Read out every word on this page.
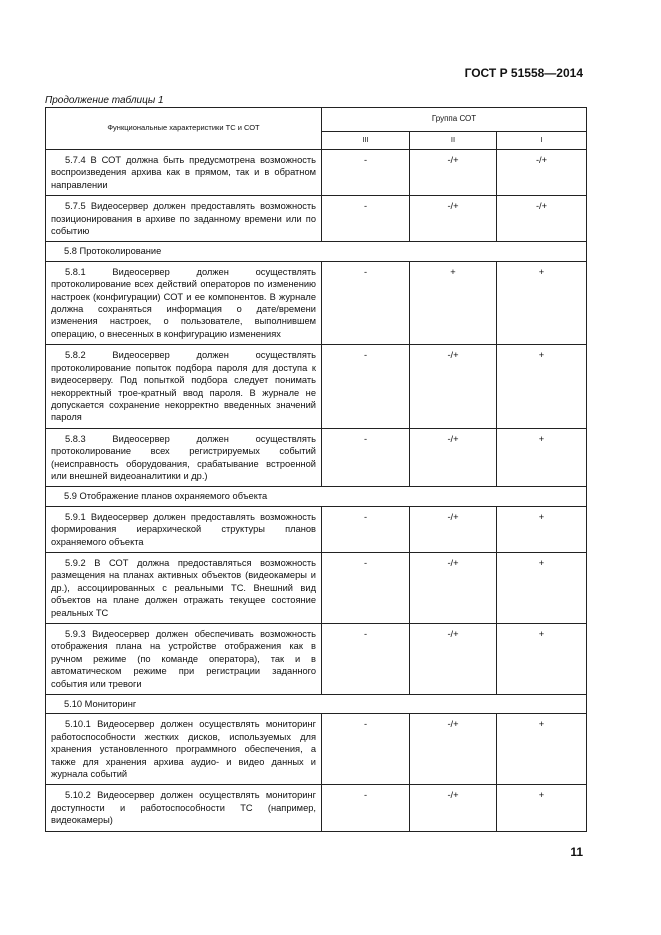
ГОСТ Р 51558—2014
Продолжение таблицы 1
Функциональные характеристики ТС и СОТ	Группа СОТ		
	III	II	I

5.7.4 В СОТ должна быть предусмотрена возможность воспроизведения архива как в прямом, так и в обратном направлении	-	-/+	-/+

5.7.5 Видеосервер должен предоставлять возможность позиционирования в архиве по заданному времени или по событию	-	-/+	-/+
5.8 Протоколирование			

5.8.1 Видеосервер должен осуществлять протоколирование всех действий операторов по изменению настроек (конфигурации) СОТ и ее компонентов. В журнале должна сохраняться информация о дате/времени изменения настроек, о пользователе, выполнившем операцию, о внесенных в конфигурацию изменениях	-	+	+

5.8.2 Видеосервер должен осуществлять протоколирование попыток подбора пароля для доступа к видеосерверу. Под попыткой подбора следует понимать некорректный трое-кратный ввод пароля. В журнале не допускается сохранение некорректно введенных значений пароля	-	-/+	+

5.8.3 Видеосервер должен осуществлять протоколирование всех регистрируемых событий (неисправность оборудования, срабатывание встроенной или внешней видеоаналитики и др.)	-	-/+	+
5.9 Отображение планов охраняемого объекта			

5.9.1 Видеосервер должен предоставлять возможность формирования иерархической структуры планов охраняемого объекта	-	-/+	+

5.9.2 В СОТ должна предоставляться возможность размещения на планах активных объектов (видеокамеры и др.), ассоциированных с реальными ТС. Внешний вид объектов на плане должен отражать текущее состояние реальных ТС	-	-/+	+

5.9.3 Видеосервер должен обеспечивать возможность отображения плана на устройстве отображения как в ручном режиме (по команде оператора), так и в автоматическом режиме при регистрации заданного события или тревоги	-	-/+	+
5.10 Мониторинг			

5.10.1 Видеосервер должен осуществлять мониторинг работоспособности жестких дисков, используемых для хранения установленного программного обеспечения, а также для хранения архива аудио- и видео данных и журнала событий	-	-/+	+

5.10.2 Видеосервер должен осуществлять мониторинг доступности и работоспособности ТС (например, видеокамеры)	-	-/+	+
11
